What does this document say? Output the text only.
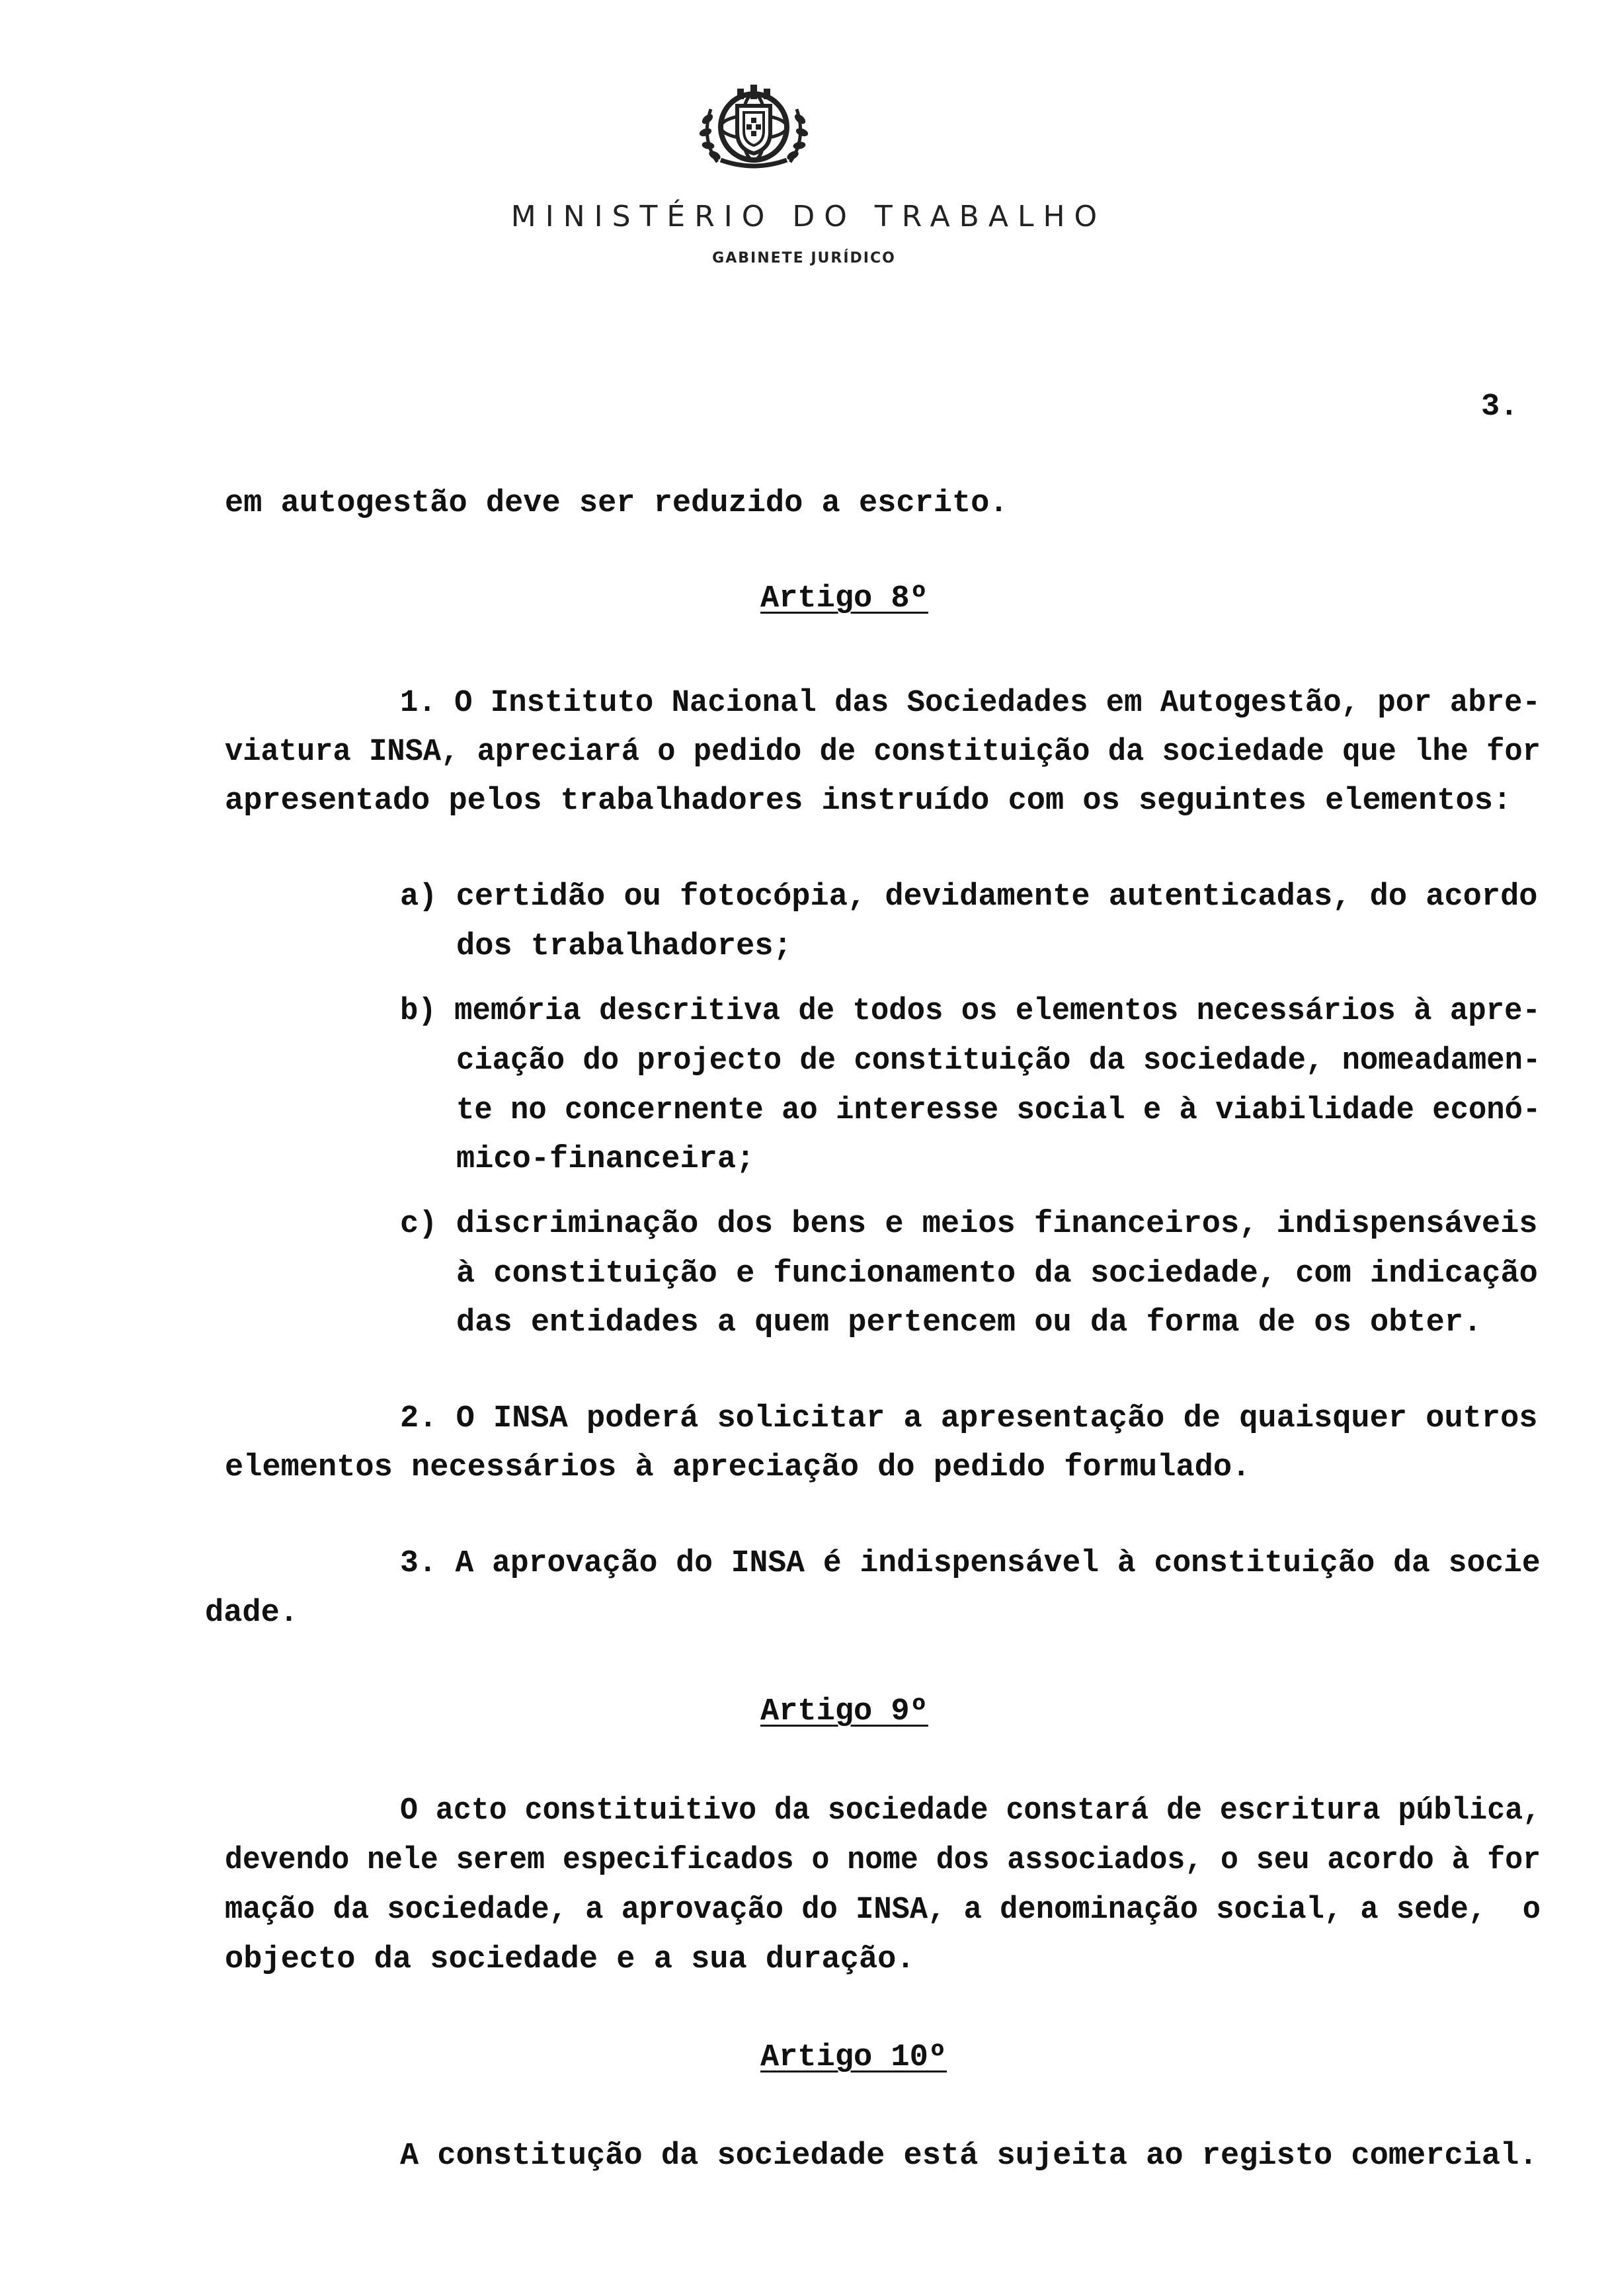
MINISTÉRIO DO TRABALHO
GABINETE JURÍDICO
3.
em autogestão deve ser reduzido a escrito.
Artigo 8º
1. O Instituto Nacional das Sociedades em Autogestão, por abre-
viatura INSA, apreciará o pedido de constituição da sociedade que lhe for
apresentado pelos trabalhadores instruído com os seguintes elementos:
a) certidão ou fotocópia, devidamente autenticadas, do acordo
dos trabalhadores;
b) memória descritiva de todos os elementos necessários à apre-
ciação do projecto de constituição da sociedade, nomeadamen-
te no concernente ao interesse social e à viabilidade econó-
mico-financeira;
c) discriminação dos bens e meios financeiros, indispensáveis
à constituição e funcionamento da sociedade, com indicação
das entidades a quem pertencem ou da forma de os obter.
2. O INSA poderá solicitar a apresentação de quaisquer outros
elementos necessários à apreciação do pedido formulado.
3. A aprovação do INSA é indispensável à constituição da socie
dade.
Artigo 9º
O acto constituitivo da sociedade constará de escritura pública,
devendo nele serem especificados o nome dos associados, o seu acordo à for
mação da sociedade, a aprovação do INSA, a denominação social, a sede,  o
objecto da sociedade e a sua duração.
Artigo 10º
A constitução da sociedade está sujeita ao registo comercial.
